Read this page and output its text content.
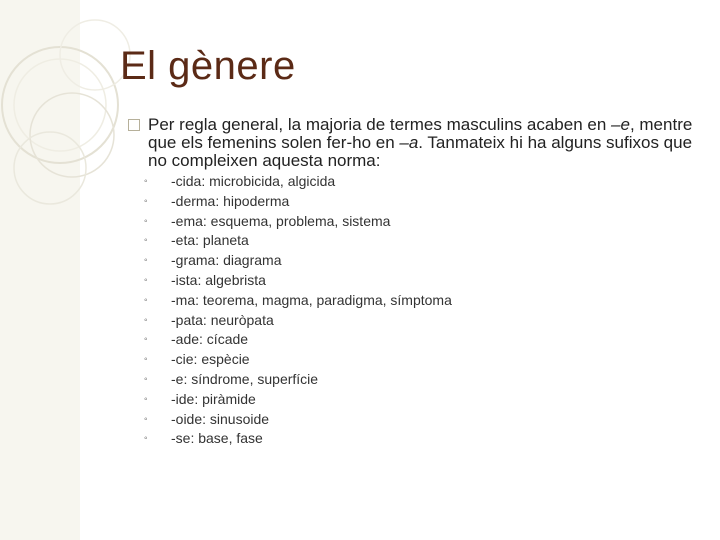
El gènere
Per regla general, la majoria de termes masculins acaben en –e, mentre que els femenins solen fer-ho en –a. Tanmateix hi ha alguns sufixos que no compleixen aquesta norma:
◦ -cida: microbicida, algicida
◦ -derma: hipoderma
◦ -ema: esquema, problema, sistema
◦ -eta: planeta
◦ -grama: diagrama
◦ -ista: algebrista
◦ -ma: teorema, magma, paradigma, símptoma
◦ -pata: neuròpata
◦ -ade: cícade
◦ -cie: espècie
◦ -e: síndrome, superfície
◦ -ide: piràmide
◦ -oide: sinusoide
◦ -se: base, fase
